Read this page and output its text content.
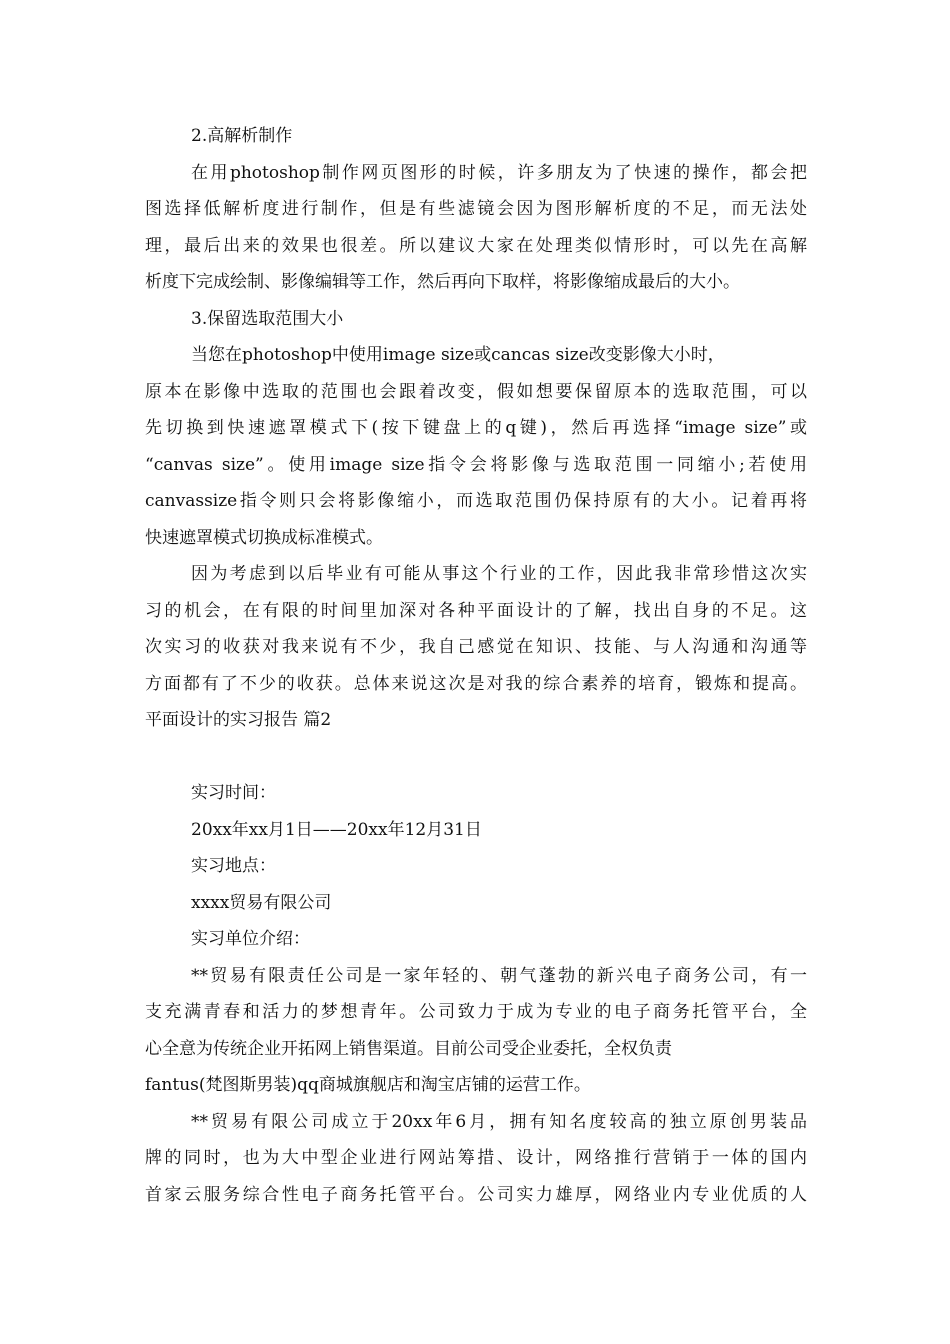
2.高解析制作
在用photoshop制作网页图形的时候，许多朋友为了快速的操作，都会把
图选择低解析度进行制作，但是有些滤镜会因为图形解析度的不足，而无法处
理，最后出来的效果也很差。所以建议大家在处理类似情形时，可以先在高解
析度下完成绘制、影像编辑等工作，然后再向下取样，将影像缩成最后的大小。
3.保留选取范围大小
当您在photoshop中使用image size或cancas size改变影像大小时，
原本在影像中选取的范围也会跟着改变，假如想要保留原本的选取范围，可以
先切换到快速遮罩模式下(按下键盘上的q键)，然后再选择“image size”或
“canvas size”。使用image size指令会将影像与选取范围一同缩小;若使用
canvassize指令则只会将影像缩小，而选取范围仍保持原有的大小。记着再将
快速遮罩模式切换成标准模式。
因为考虑到以后毕业有可能从事这个行业的工作，因此我非常珍惜这次实
习的机会，在有限的时间里加深对各种平面设计的了解，找出自身的不足。这
次实习的收获对我来说有不少，我自己感觉在知识、技能、与人沟通和沟通等
方面都有了不少的收获。总体来说这次是对我的综合素养的培育，锻炼和提高。
平面设计的实习报告 篇2
实习时间：
20xx年xx月1日——20xx年12月31日
实习地点：
xxxx贸易有限公司
实习单位介绍：
**贸易有限责任公司是一家年轻的、朝气蓬勃的新兴电子商务公司，有一
支充满青春和活力的梦想青年。公司致力于成为专业的电子商务托管平台，全
心全意为传统企业开拓网上销售渠道。目前公司受企业委托，全权负责
fantus(梵图斯男装)qq商城旗舰店和淘宝店铺的运营工作。
**贸易有限公司成立于20xx年6月，拥有知名度较高的独立原创男装品
牌的同时，也为大中型企业进行网站筹措、设计，网络推行营销于一体的国内
首家云服务综合性电子商务托管平台。公司实力雄厚，网络业内专业优质的人
